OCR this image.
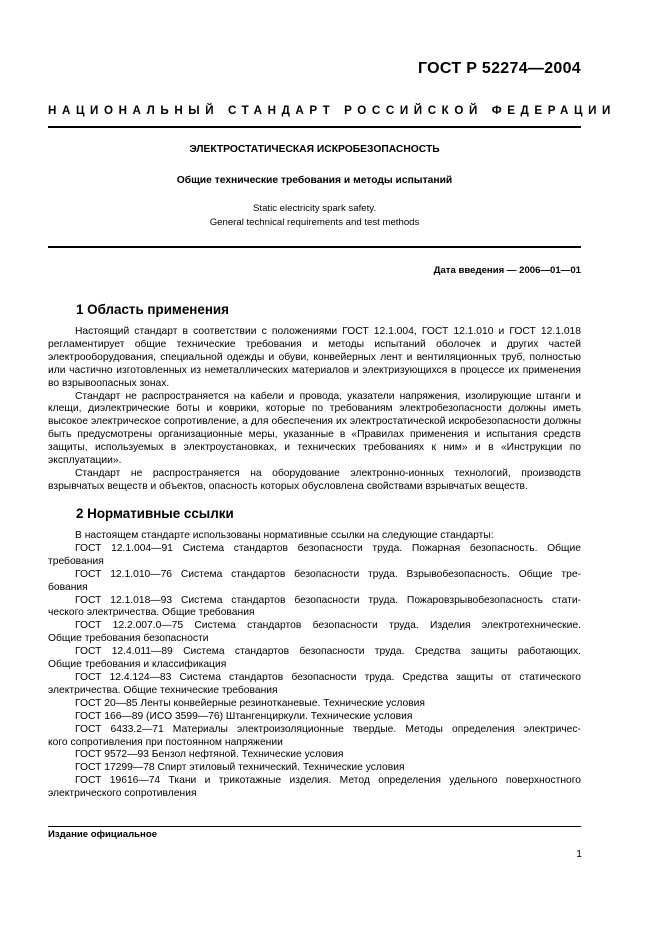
ГОСТ Р 52274—2004
НАЦИОНАЛЬНЫЙ СТАНДАРТ РОССИЙСКОЙ ФЕДЕРАЦИИ
ЭЛЕКТРОСТАТИЧЕСКАЯ ИСКРОБЕЗОПАСНОСТЬ
Общие технические требования и методы испытаний
Static electricity spark safety.
General technical requirements and test methods
Дата введения — 2006—01—01
1 Область применения

Настоящий стандарт в соответствии с положениями ГОСТ 12.1.004, ГОСТ 12.1.010 и ГОСТ 12.1.018 регламентирует общие технические требования и методы испытаний оболочек и других частей электрооборудования, специальной одежды и обуви, конвейерных лент и вентиляционных труб, полностью или частично изготовленных из неметаллических материалов и электризующихся в процессе их применения во взрывоопасных зонах.

Стандарт не распространяется на кабели и провода, указатели напряжения, изолирующие штанги и клещи, диэлектрические боты и коврики, которые по требованиям электробезопасности должны иметь высокое электрическое сопротивление, а для обеспечения их электростатической искробезопасности должны быть предусмотрены организационные меры, указанные в «Правилах применения и испытания средств защиты, используемых в электроустановках, и технических требованиях к ним» и в «Инструкции по эксплуатации».

Стандарт не распространяется на оборудование электронно-ионных технологий, производств взрывчатых веществ и объектов, опасность которых обусловлена свойствами взрывчатых веществ.

2 Нормативные ссылки

В настоящем стандарте использованы нормативные ссылки на следующие стандарты:

ГОСТ 12.1.004—91 Система стандартов безопасности труда. Пожарная безопасность. Общие

требования

ГОСТ 12.1.010—76 Система стандартов безопасности труда. Взрывобезопасность. Общие тре-

бования

ГОСТ 12.1.018—93 Система стандартов безопасности труда. Пожаровзрывобезопасность стати-

ческого электричества. Общие требования

ГОСТ 12.2.007.0—75 Система стандартов безопасности труда. Изделия электротехнические.

Общие требования безопасности

ГОСТ 12.4.011—89 Система стандартов безопасности труда. Средства защиты работающих.

Общие требования и классификация

ГОСТ 12.4.124—83 Система стандартов безопасности труда. Средства защиты от статического

электричества. Общие технические требования

ГОСТ 20—85 Ленты конвейерные резинотканевые. Технические условия

ГОСТ 166—89 (ИСО 3599—76) Штангенциркули. Технические условия

ГОСТ 6433.2—71 Материалы электроизоляционные твердые. Методы определения электричес-

кого сопротивления при постоянном напряжении

ГОСТ 9572—93 Бензол нефтяной. Технические условия

ГОСТ 17299—78 Спирт этиловый технический. Технические условия

ГОСТ 19616—74 Ткани и трикотажные изделия. Метод определения удельного поверхностного

электрического сопротивления

Издание официальное
1
